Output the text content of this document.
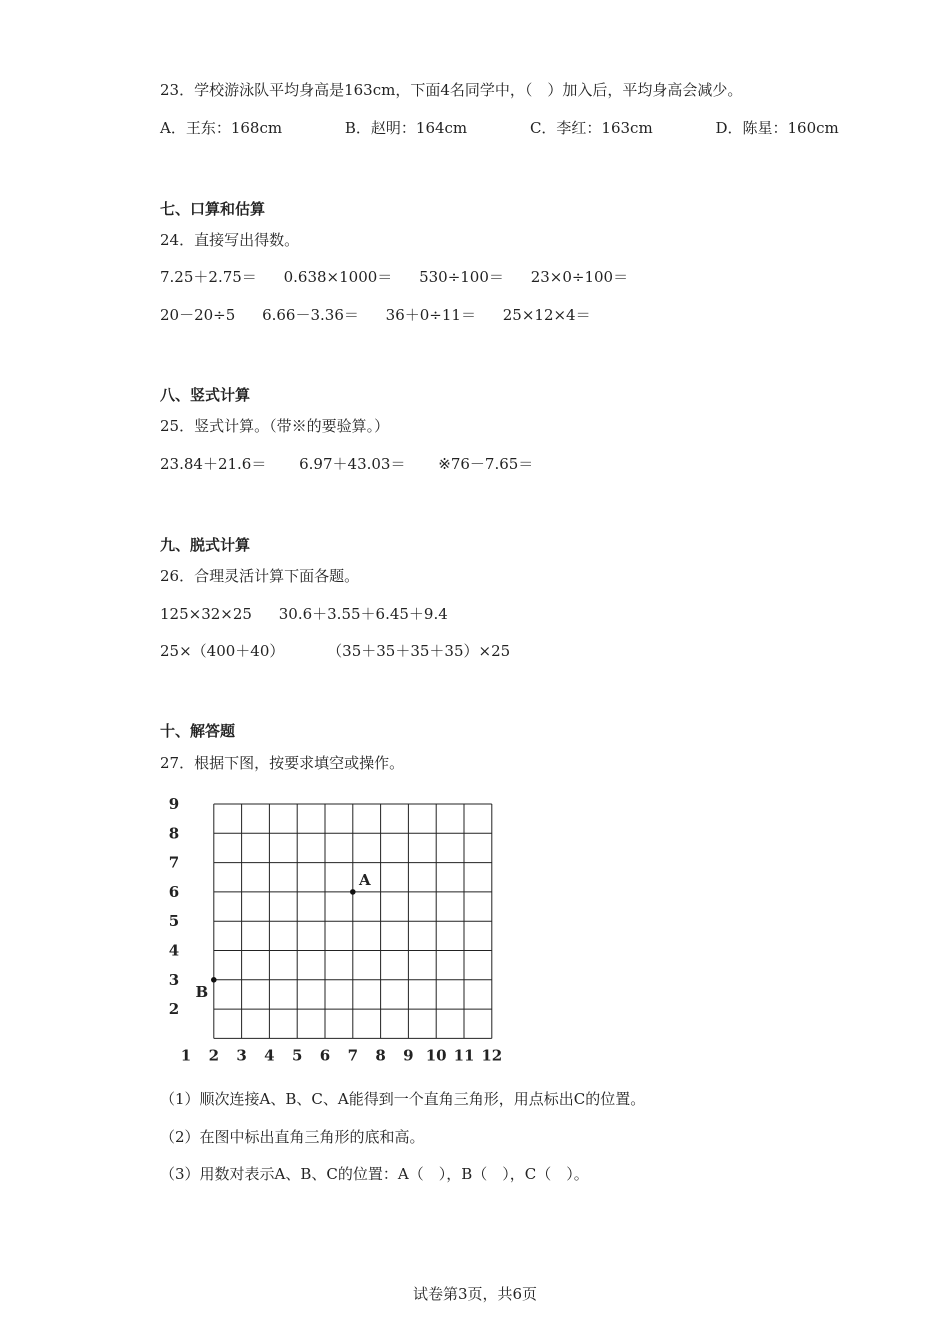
23．学校游泳队平均身高是163cm，下面4名同学中，（　）加入后，平均身高会减少。
A．王东：168cm	B．赵明：164cm	C．李红：163cm	D．陈星：160cm
七、口算和估算
24．直接写出得数。
7.25＋2.75＝ 0.638×1000＝ 530÷100＝ 23×0÷100＝
20－20÷5 6.66－3.36＝ 36＋0÷11＝ 25×12×4＝
八、竖式计算
25．竖式计算。（带※的要验算。）
23.84＋21.6＝ 6.97＋43.03＝ ※76－7.65＝
九、脱式计算
26．合理灵活计算下面各题。
125×32×25 30.6＋3.55＋6.45＋9.4
25×（400＋40）	（35＋35＋35＋35）×25
十、解答题
27．根据下图，按要求填空或操作。
1 2 3 4 5 6 7 8 9 10 11 12
2
3
4
5
6
7
8
9
A
B
（1）顺次连接A、B、C、A能得到一个直角三角形，用点标出C的位置。
（2）在图中标出直角三角形的底和高。
（3）用数对表示A、B、C的位置：A（　），B（　），C（　）。
试卷第3页，共6页
